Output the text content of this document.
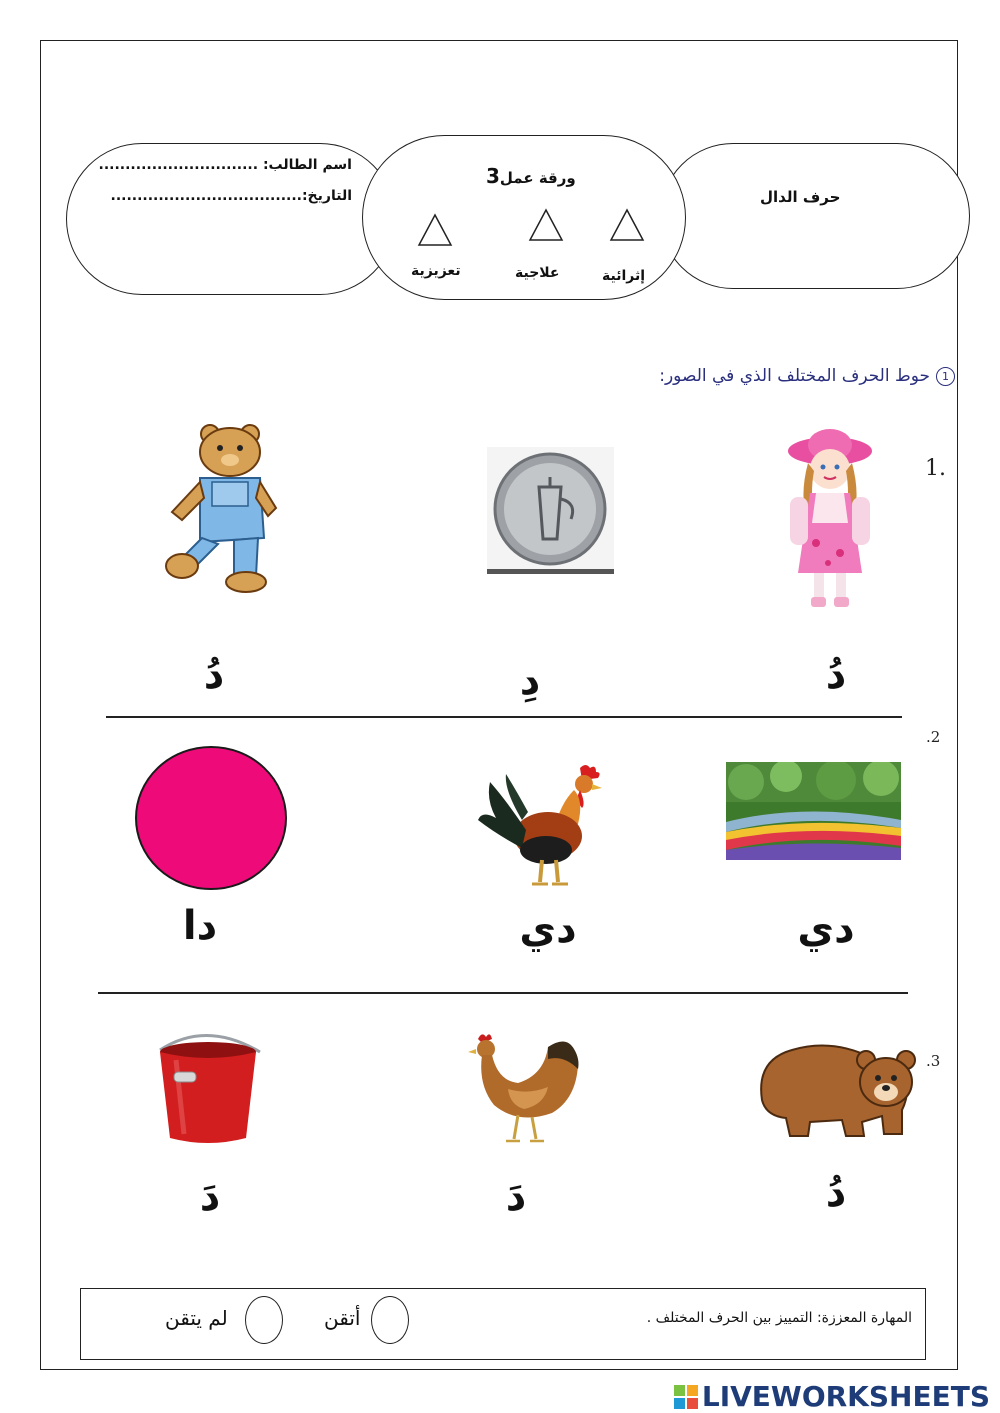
اسم الطالب: ..............................
التاريخ:....................................	حرف الدال
ورقة عمل3
إثرائية
علاجية
تعزيزية
1
حوط الحرف المختلف الذي في الصور:
1.
.2
.3
دُ
دِ
دُ
دي
دي
دا
دُ
دَ
دَ
المهارة المعززة: التمييز بين الحرف المختلف .
أتقن
لم يتقن
LIVEWORKSHEETS
